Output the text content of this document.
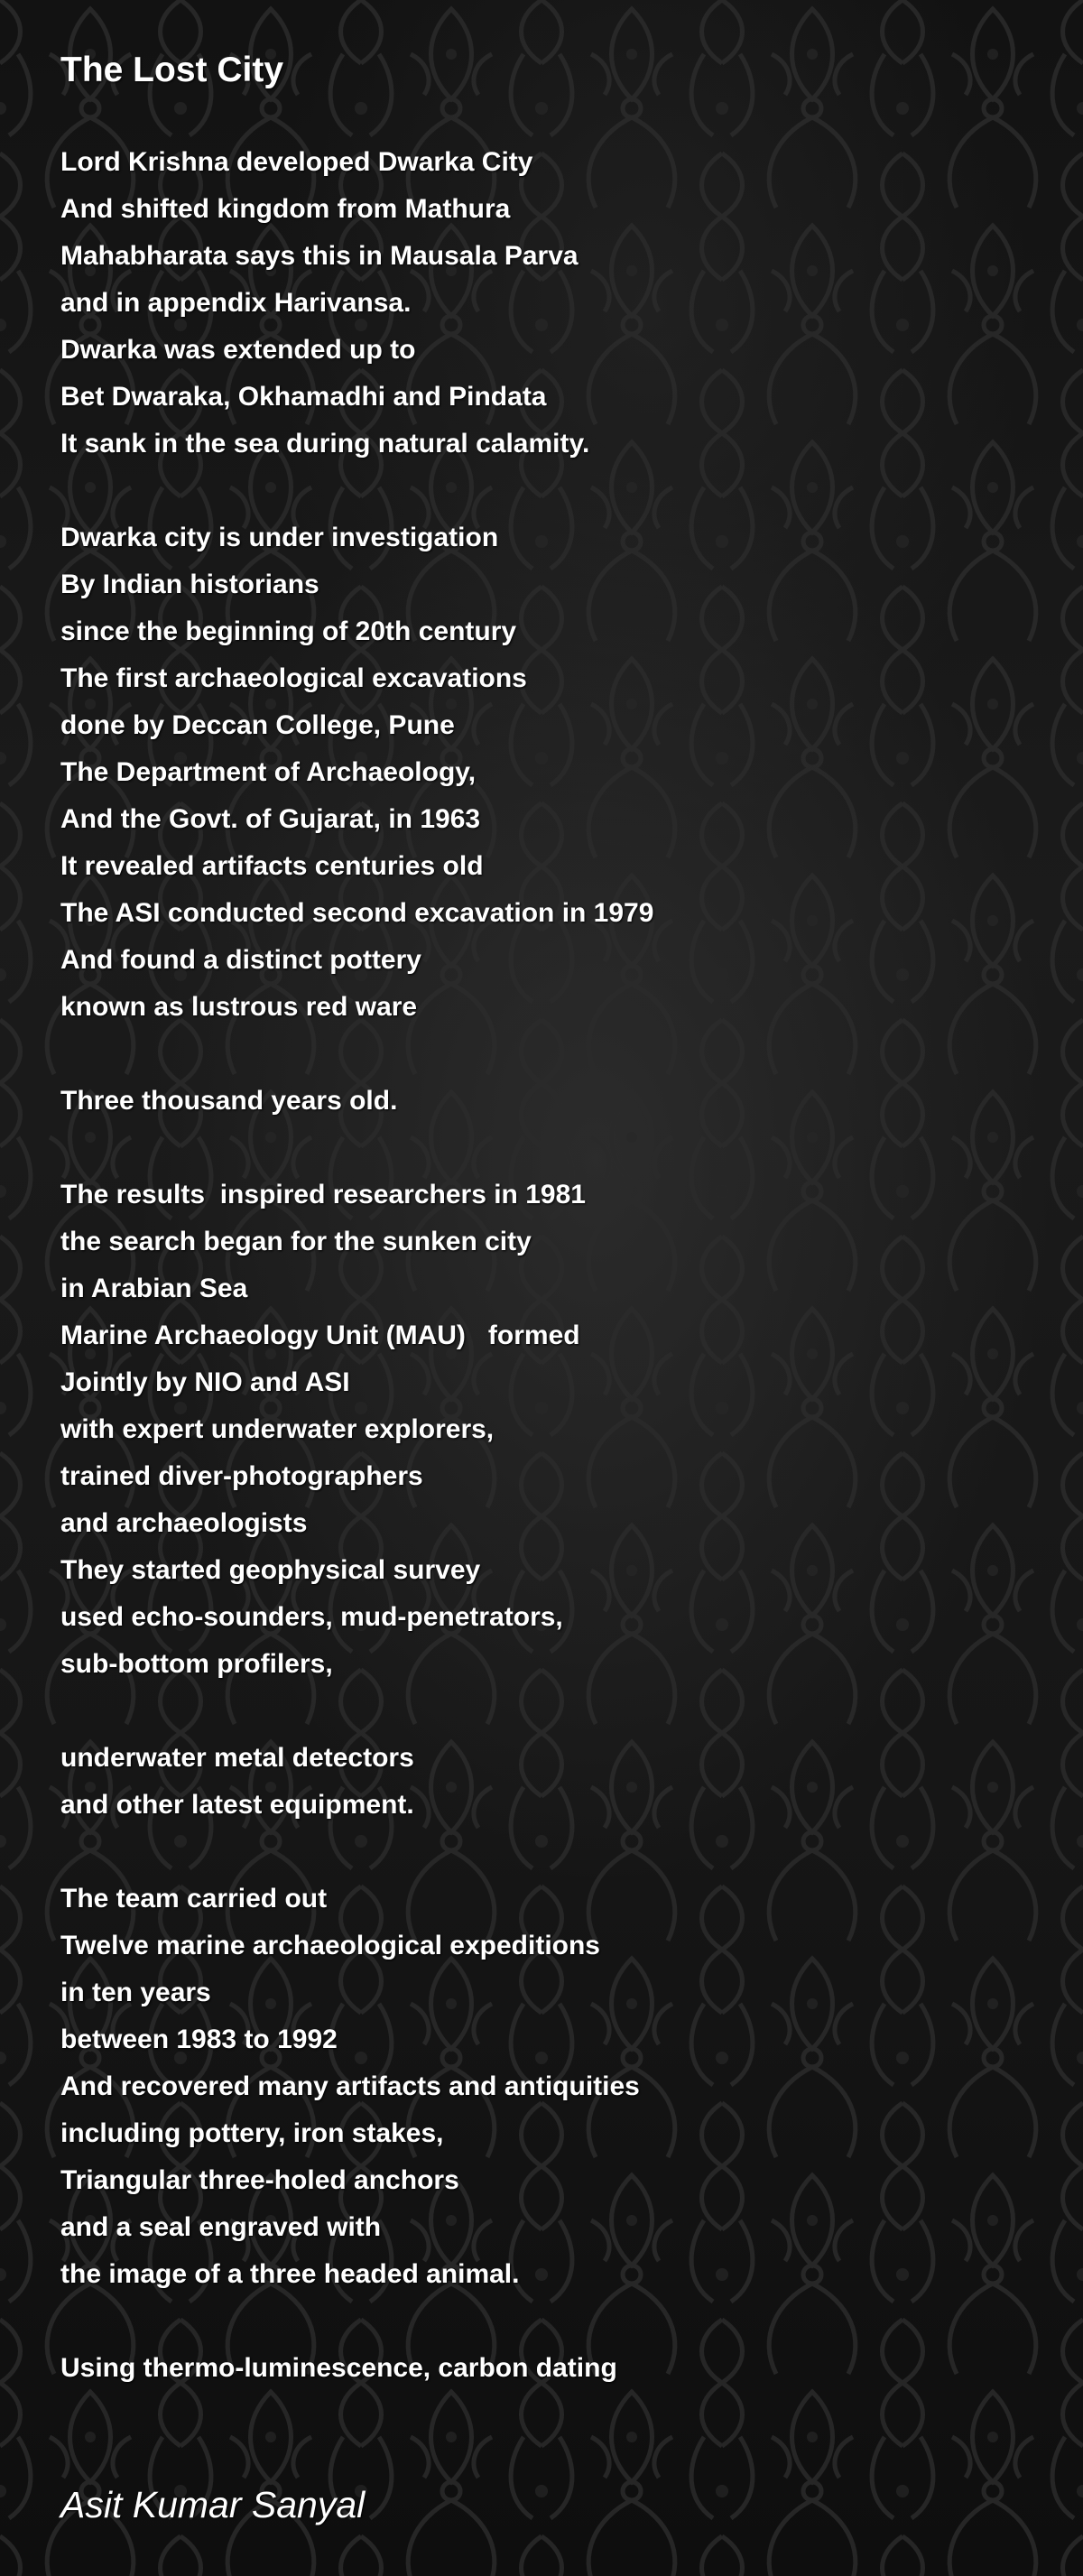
The Lost City
Lord Krishna developed Dwarka City
And shifted kingdom from Mathura
Mahabharata says this in Mausala Parva
and in appendix Harivansa.
Dwarka was extended up to
Bet Dwaraka, Okhamadhi and Pindata
It sank in the sea during natural calamity.
Dwarka city is under investigation
By Indian historians
since the beginning of 20th century
The first archaeological excavations
done by Deccan College, Pune
The Department of Archaeology,
And the Govt. of Gujarat, in 1963
It revealed artifacts centuries old
The ASI conducted second excavation in 1979
And found a distinct pottery
known as lustrous red ware
Three thousand years old.
The results  inspired researchers in 1981
the search began for the sunken city
in Arabian Sea
Marine Archaeology Unit (MAU)   formed
Jointly by NIO and ASI
with expert underwater explorers,
trained diver-photographers
and archaeologists
They started geophysical survey
used echo-sounders, mud-penetrators,
sub-bottom profilers,
underwater metal detectors
and other latest equipment.
The team carried out
Twelve marine archaeological expeditions
in ten years
between 1983 to 1992
And recovered many artifacts and antiquities
including pottery, iron stakes,
Triangular three-holed anchors
and a seal engraved with
the image of a three headed animal.
Using thermo-luminescence, carbon dating
Asit Kumar Sanyal
